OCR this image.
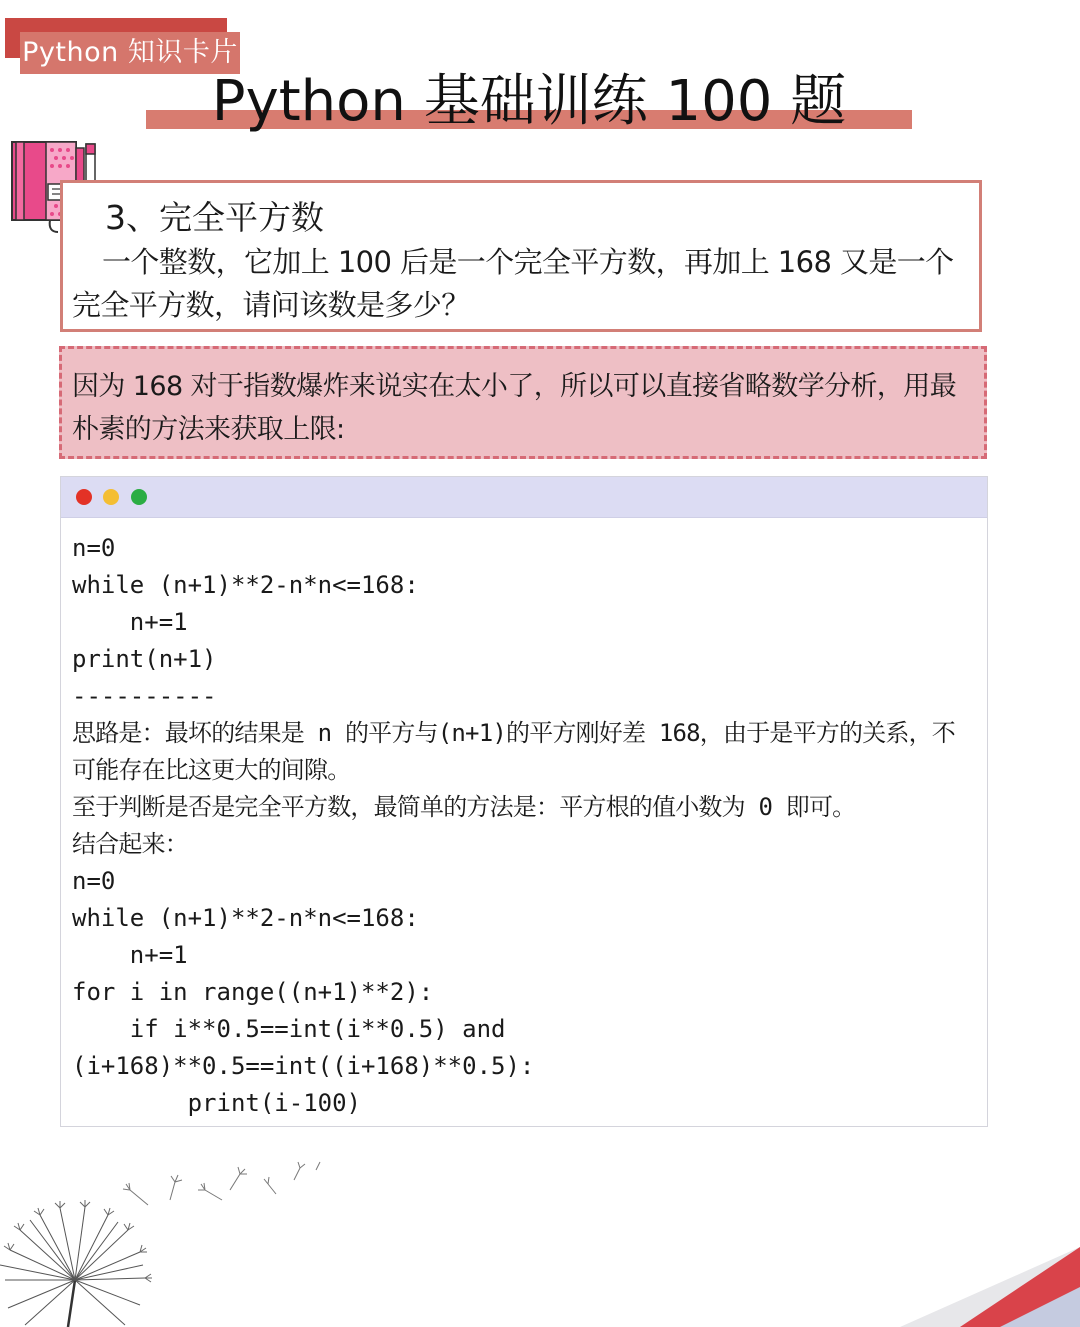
Python 知识卡片
Python 基础训练 100 题
3、完全平方数
一个整数，它加上 100 后是一个完全平方数，再加上 168 又是一个完全平方数，请问该数是多少？
因为 168 对于指数爆炸来说实在太小了，所以可以直接省略数学分析，用最朴素的方法来获取上限:
n=0
while (n+1)**2-n*n<=168:
n+=1
print(n+1)
----------
思路是：最坏的结果是 n 的平方与(n+1)的平方刚好差 168，由于是平方的关系，不可能存在比这更大的间隙。
至于判断是否是完全平方数，最简单的方法是：平方根的值小数为 0 即可。
结合起来：
n=0
while (n+1)**2-n*n<=168:
n+=1
for i in range((n+1)**2):
if i**0.5==int(i**0.5) and
(i+168)**0.5==int((i+168)**0.5):
print(i-100)
